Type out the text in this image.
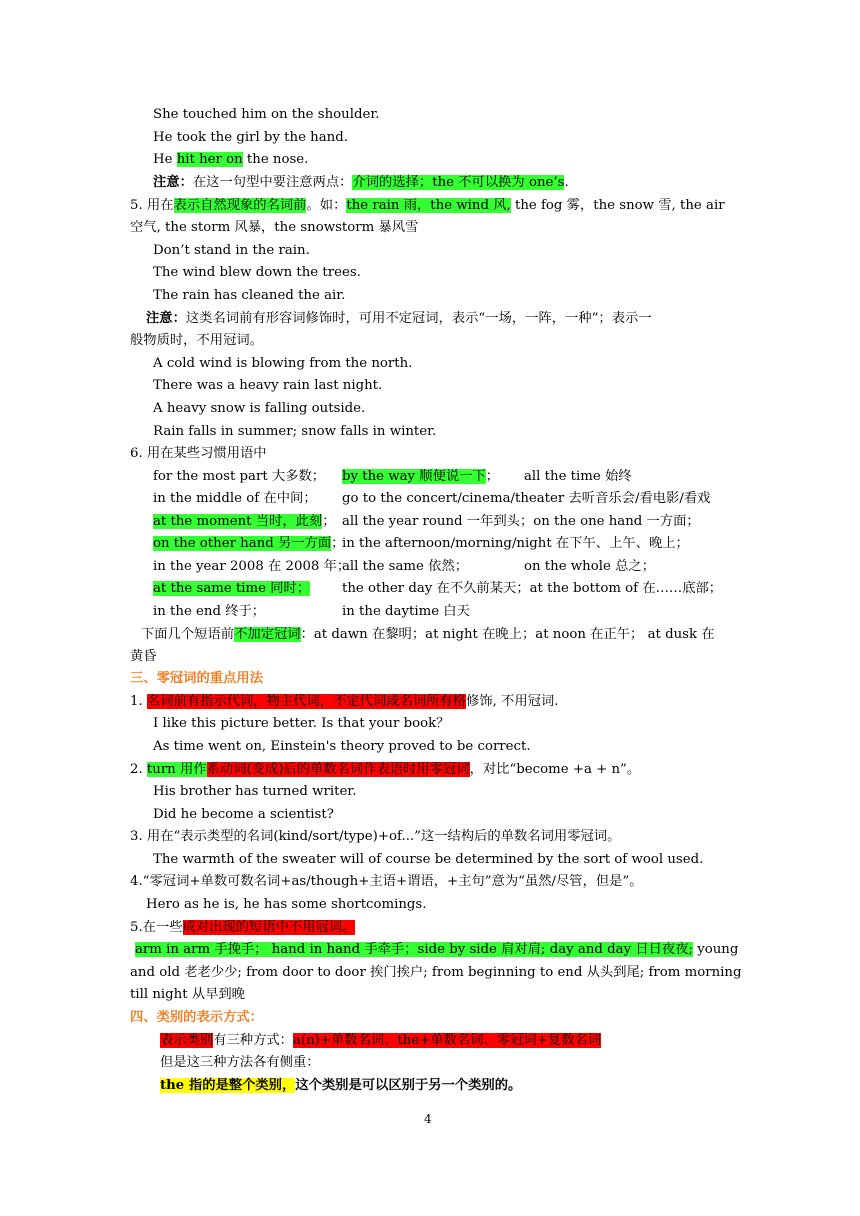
She touched him on the shoulder.
He took the girl by the hand.
He hit her on the nose.
注意：在这一句型中要注意两点：介词的选择；the 不可以换为 one’s.
5. 用在表示自然现象的名词前。如：the rain 雨，the wind 风, the fog 雾，the snow 雪, the air
空气, the storm 风暴，the snowstorm 暴风雪
Don’t stand in the rain.
The wind blew down the trees.
The rain has cleaned the air.
注意：这类名词前有形容词修饰时，可用不定冠词，表示“一场，一阵，一种”；表示一
般物质时，不用冠词。
A cold wind is blowing from the north.
There was a heavy rain last night.
A heavy snow is falling outside.
Rain falls in summer; snow falls in winter.
6. 用在某些习惯用语中
for the most part 大多数； by the way 顺便说一下； all the time 始终
in the middle of 在中间； go to the concert/cinema/theater 去听音乐会/看电影/看戏
at the moment 当时，此刻； all the year round 一年到头；on the one hand 一方面；
on the other hand 另一方面；
in the afternoon/morning/night 在下午、上午、晚上；
in the year 2008 在 2008 年；
all the same 依然；	on the whole 总之；
at the same time 同时； the other day 在不久前某天；at the bottom of 在……底部；
in the end 终于；	in the daytime 白天
下面几个短语前不加定冠词：at dawn 在黎明；at night 在晚上；at noon 在正午； at dusk 在
黄昏
三、零冠词的重点用法
1. 名词前有指示代词，物主代词，不定代词或名词所有格修饰, 不用冠词.
I like this picture better. Is that your book？
As time went on, Einstein's theory proved to be correct.
2. turn 用作系动词(变成)后的单数名词作表语时用零冠词，对比“become +a + n”。
His brother has turned writer.
Did he become a scientist?
3. 用在“表示类型的名词(kind/sort/type)+of...”这一结构后的单数名词用零冠词。
The warmth of the sweater will of course be determined by the sort of wool used.
4.“零冠词+单数可数名词+as/though+主语+谓语，+主句”意为“虽然/尽管，但是”。
Hero as he is, he has some shortcomings.
5.在一些成对出现的短语中不用冠词。
arm in arm 手挽手； hand in hand 手牵手；side by side 肩对肩; day and day 日日夜夜; young
and old 老老少少; from door to door 挨门挨户; from beginning to end 从头到尾; from morning
till night 从早到晚
四、类别的表示方式：
表示类别有三种方式：a(n)+单数名词、the+单数名词、零冠词+复数名词
但是这三种方法各有侧重：
the 指的是整个类别，这个类别是可以区别于另一个类别的。
4
